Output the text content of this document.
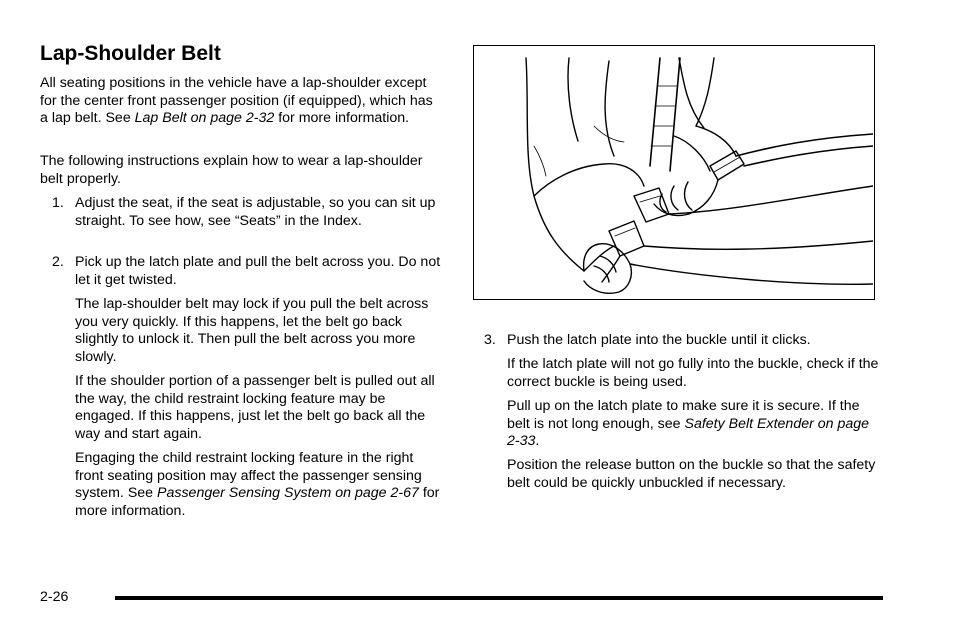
Lap-Shoulder Belt

All seating positions in the vehicle have a lap-shoulder except for the center front passenger position (if equipped), which has a lap belt. See Lap Belt on page 2-32 for more information.

The following instructions explain how to wear a lap-shoulder belt properly.

1. Adjust the seat, if the seat is adjustable, so you can sit up straight. To see how, see “Seats” in the Index.

2. Pick up the latch plate and pull the belt across you. Do not let it get twisted.

The lap-shoulder belt may lock if you pull the belt across you very quickly. If this happens, let the belt go back slightly to unlock it. Then pull the belt across you more slowly.

If the shoulder portion of a passenger belt is pulled out all the way, the child restraint locking feature may be engaged. If this happens, just let the belt go back all the way and start again.

Engaging the child restraint locking feature in the right front seating position may affect the passenger sensing system. See Passenger Sensing System on page 2-67 for more information.

3. Push the latch plate into the buckle until it clicks.

If the latch plate will not go fully into the buckle, check if the correct buckle is being used.

Pull up on the latch plate to make sure it is secure. If the belt is not long enough, see Safety Belt Extender on page 2-33.

Position the release button on the buckle so that the safety belt could be quickly unbuckled if necessary.

2-26
